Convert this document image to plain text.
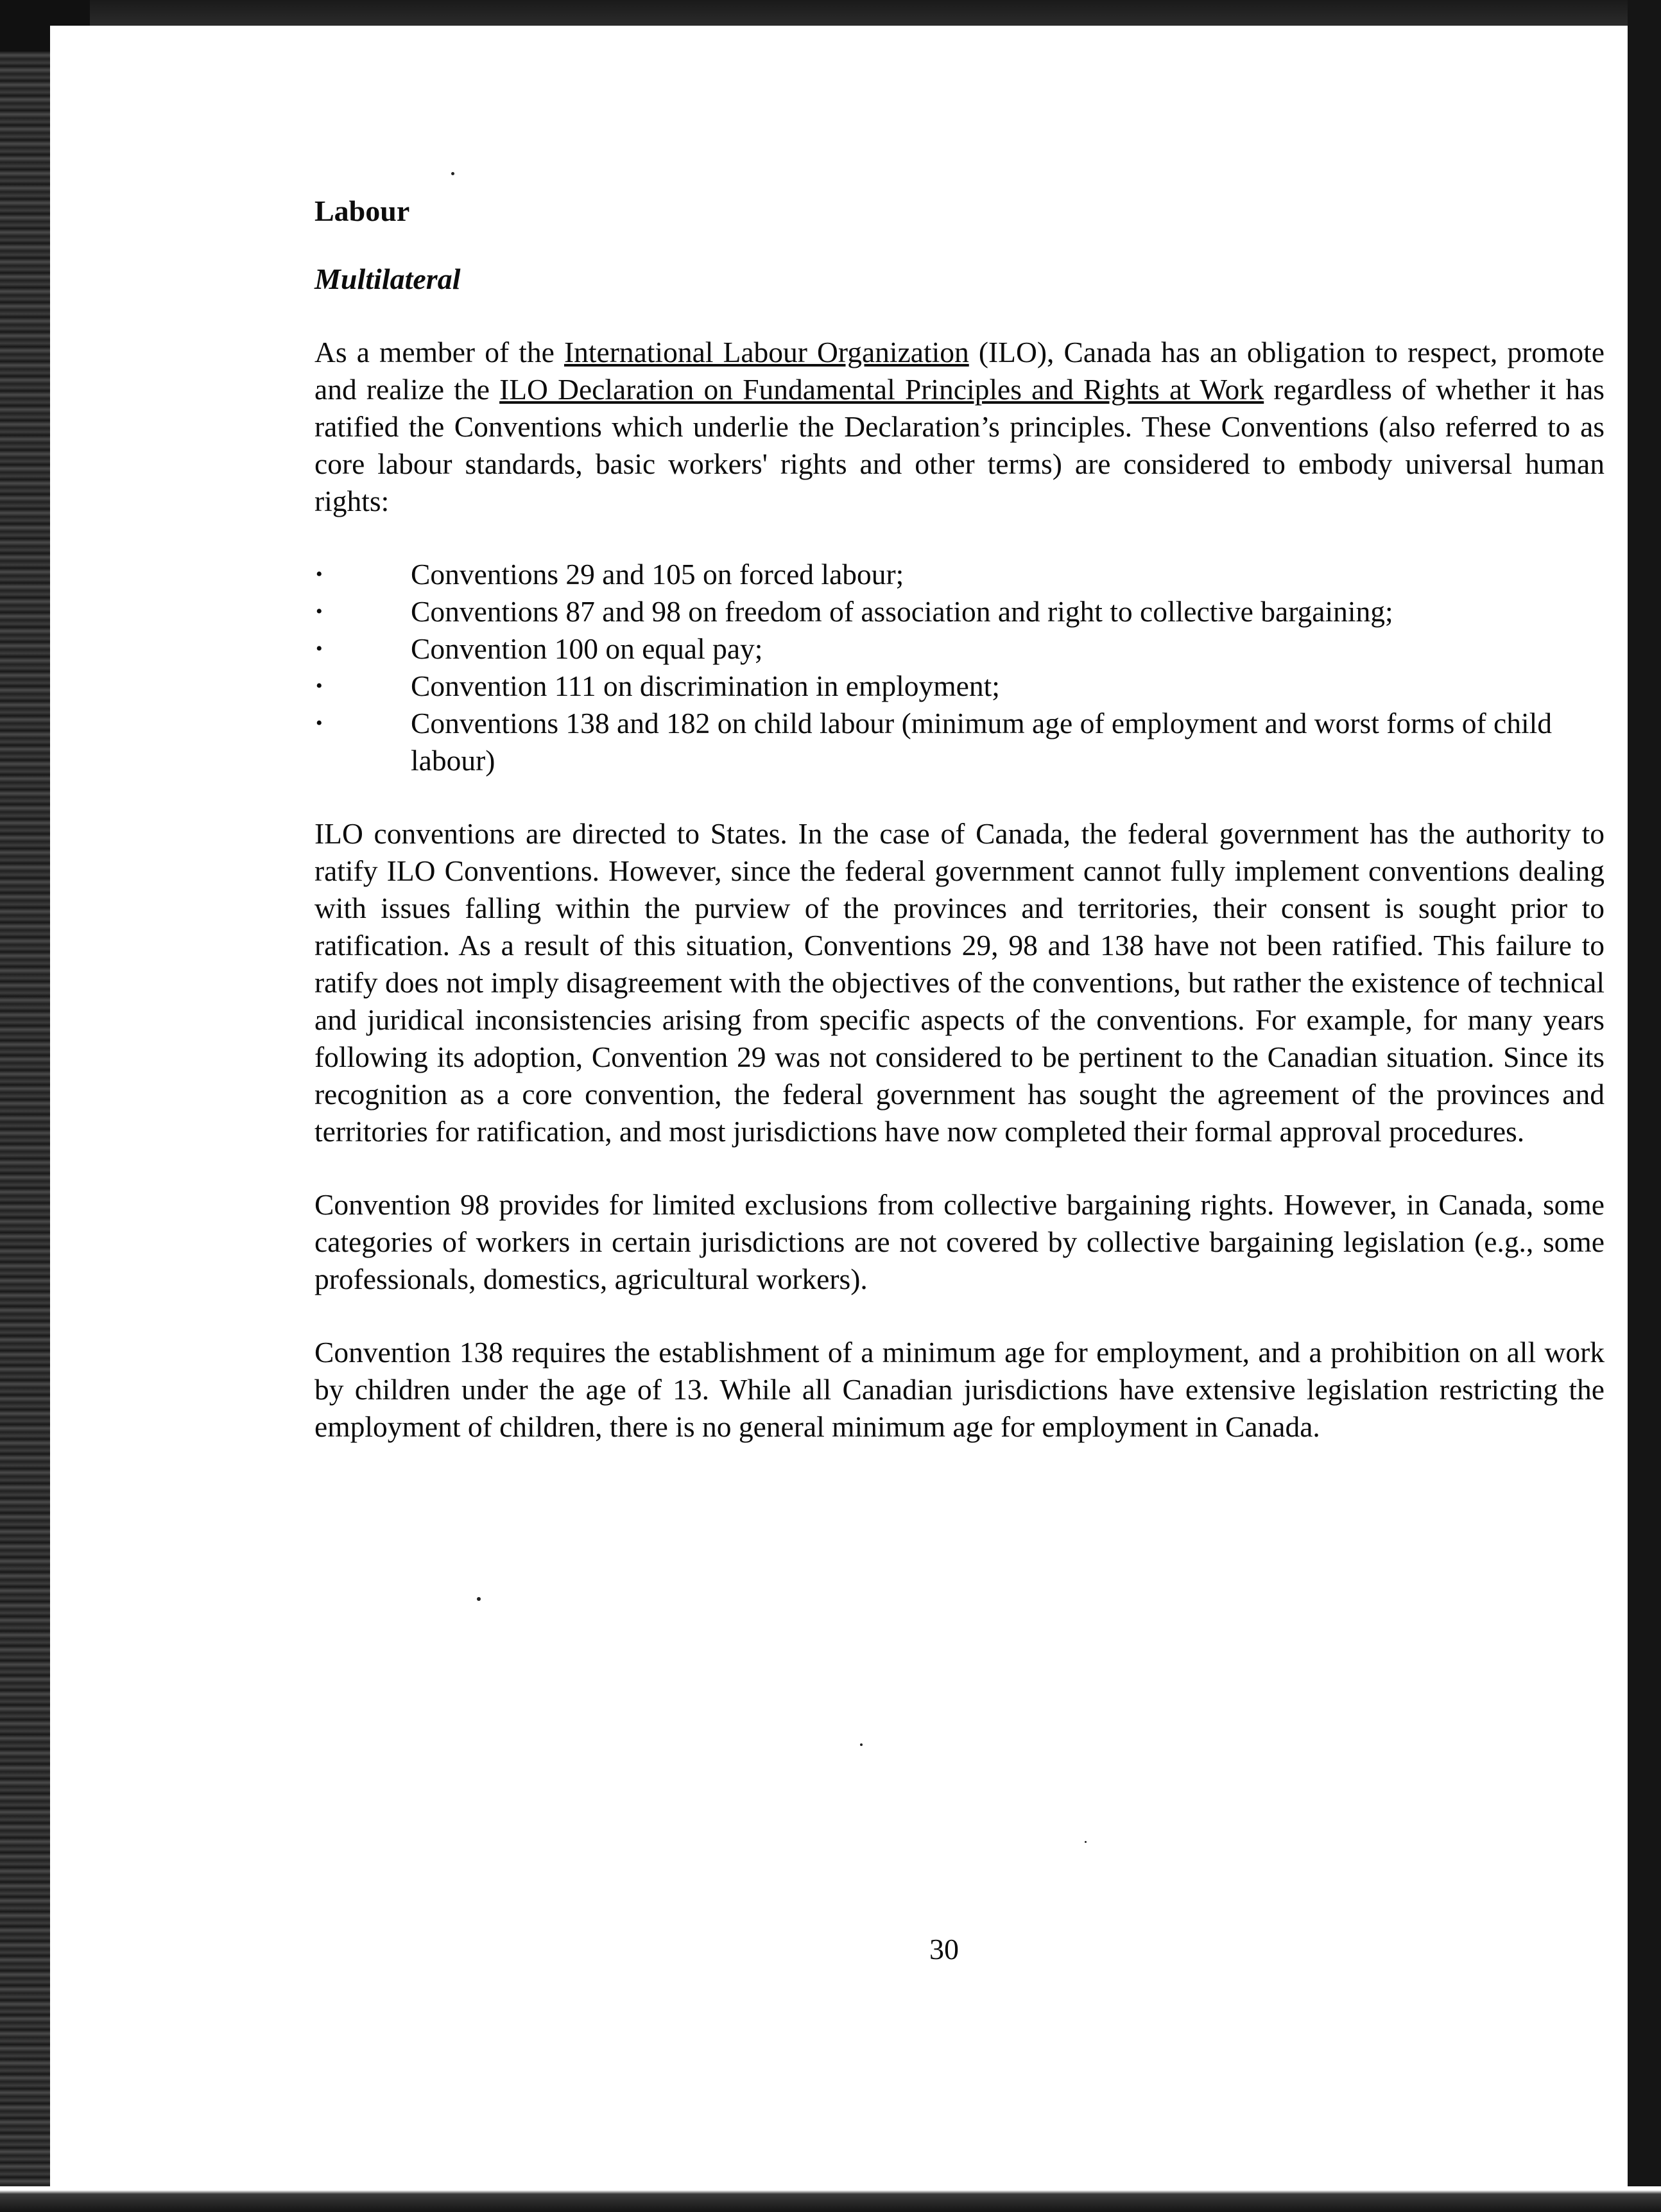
Labour
Multilateral

As a member of the International Labour Organization (ILO), Canada has an obligation to respect, promote and realize the ILO Declaration on Fundamental Principles and Rights at Work regardless of whether it has ratified the Conventions which underlie the Declaration’s principles. These Conventions (also referred to as core labour standards, basic workers' rights and other terms) are considered to embody universal human rights:

•	Conventions 29 and 105 on forced labour;
•	Conventions 87 and 98 on freedom of association and right to collective bargaining;
•	Convention 100 on equal pay;
•	Convention 111 on discrimination in employment;
•	Conventions 138 and 182 on child labour (minimum age of employment and worst forms of child labour)

ILO conventions are directed to States. In the case of Canada, the federal government has the authority to ratify ILO Conventions. However, since the federal government cannot fully implement conventions dealing with issues falling within the purview of the provinces and territories, their consent is sought prior to ratification. As a result of this situation, Conventions 29, 98 and 138 have not been ratified. This failure to ratify does not imply disagreement with the objectives of the conventions, but rather the existence of technical and juridical inconsistencies arising from specific aspects of the conventions. For example, for many years following its adoption, Convention 29 was not considered to be pertinent to the Canadian situation. Since its recognition as a core convention, the federal government has sought the agreement of the provinces and territories for ratification, and most jurisdictions have now completed their formal approval procedures.

Convention 98 provides for limited exclusions from collective bargaining rights. However, in Canada, some categories of workers in certain jurisdictions are not covered by collective bargaining legislation (e.g., some professionals, domestics, agricultural workers).

Convention 138 requires the establishment of a minimum age for employment, and a prohibition on all work by children under the age of 13. While all Canadian jurisdictions have extensive legislation restricting the employment of children, there is no general minimum age for employment in Canada.

30
